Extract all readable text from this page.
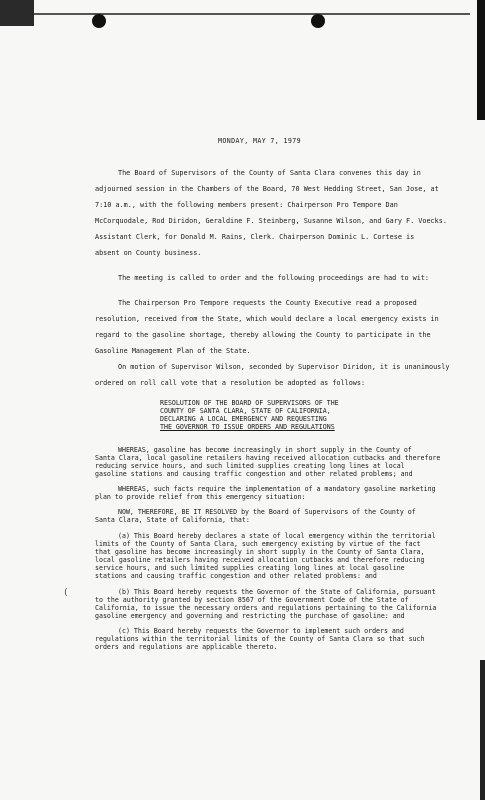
(

MONDAY, MAY 7, 1979

The Board of Supervisors of the County of Santa Clara convenes this day in

adjourned session in the Chambers of the Board, 70 West Hedding Street, San Jose, at

7:10 a.m., with the following members present: Chairperson Pro Tempore Dan

McCorquodale, Rod Diridon, Geraldine F. Steinberg, Susanne Wilson, and Gary F. Voecks.

Assistant Clerk, for Donald M. Rains, Clerk. Chairperson Dominic L. Cortese is

absent on County business.

The meeting is called to order and the following proceedings are had to wit:

The Chairperson Pro Tempore requests the County Executive read a proposed

resolution, received from the State, which would declare a local emergency exists in

regard to the gasoline shortage, thereby allowing the County to participate in the

Gasoline Management Plan of the State.

On motion of Supervisor Wilson, seconded by Supervisor Diridon, it is unanimously

ordered on roll call vote that a resolution be adopted as follows:

RESOLUTION OF THE BOARD OF SUPERVISORS OF THE
COUNTY OF SANTA CLARA, STATE OF CALIFORNIA,
DECLARING A LOCAL EMERGENCY AND REQUESTING
THE GOVERNOR TO ISSUE ORDERS AND REGULATIONS

WHEREAS, gasoline has become increasingly in short supply in the County of

Santa Clara, local gasoline retailers having received allocation cutbacks and therefore

reducing service hours, and such limited supplies creating long lines at local

gasoline stations and causing traffic congestion and other related problems; and

WHEREAS, such facts require the implementation of a mandatory gasoline marketing

plan to provide relief from this emergency situation:

NOW, THEREFORE, BE IT RESOLVED by the Board of Supervisors of the County of

Santa Clara, State of California, that:

(a) This Board hereby declares a state of local emergency within the territorial

limits of the County of Santa Clara, such emergency existing by virtue of the fact

that gasoline has become increasingly in short supply in the County of Santa Clara,

local gasoline retailers having received allocation cutbacks and therefore reducing

service hours, and such limited supplies creating long lines at local gasoline

stations and causing traffic congestion and other related problems: and

(b) This Board hereby requests the Governor of the State of California, pursuant

to the authority granted by section 8567 of the Government Code of the State of

California, to issue the necessary orders and regulations pertaining to the California

gasoline emergency and governing and restricting the purchase of gasoline: and

(c) This Board hereby requests the Governor to implement such orders and

regulations within the territorial limits of the County of Santa Clara so that such

orders and regulations are applicable thereto.
